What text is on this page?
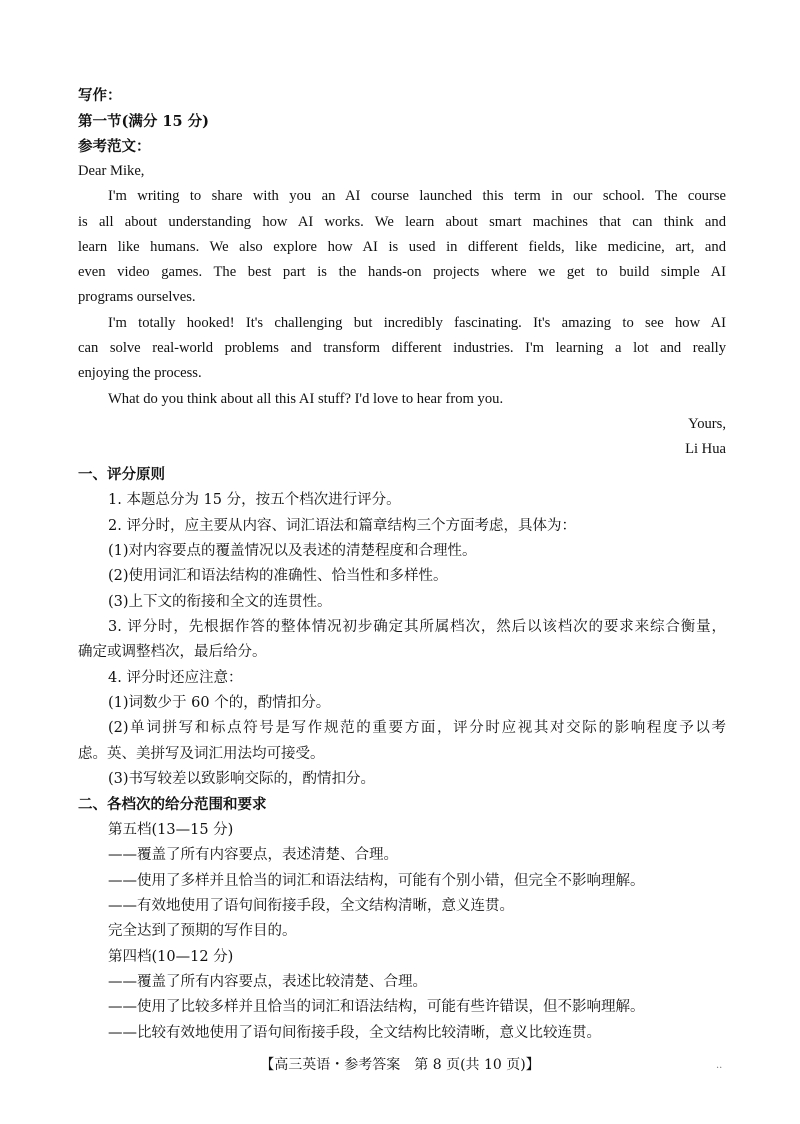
写作：
第一节(满分 15 分)
参考范文：
Dear Mike,
I'm writing to share with you an AI course launched this term in our school. The course
is all about understanding how AI works. We learn about smart machines that can think and
learn like humans. We also explore how AI is used in different fields, like medicine, art, and
even video games. The best part is the hands-on projects where we get to build simple AI
programs ourselves.
I'm totally hooked! It's challenging but incredibly fascinating. It's amazing to see how AI
can solve real-world problems and transform different industries. I'm learning a lot and really
enjoying the process.
What do you think about all this AI stuff? I'd love to hear from you.
Yours,
Li Hua
一、评分原则
1. 本题总分为 15 分，按五个档次进行评分。
2. 评分时，应主要从内容、词汇语法和篇章结构三个方面考虑，具体为：
(1)对内容要点的覆盖情况以及表述的清楚程度和合理性。
(2)使用词汇和语法结构的准确性、恰当性和多样性。
(3)上下文的衔接和全文的连贯性。
3. 评分时，先根据作答的整体情况初步确定其所属档次，然后以该档次的要求来综合衡量，
确定或调整档次，最后给分。
4. 评分时还应注意：
(1)词数少于 60 个的，酌情扣分。
(2)单词拼写和标点符号是写作规范的重要方面，评分时应视其对交际的影响程度予以考
虑。英、美拼写及词汇用法均可接受。
(3)书写较差以致影响交际的，酌情扣分。
二、各档次的给分范围和要求
第五档(13—15 分)
——覆盖了所有内容要点，表述清楚、合理。
——使用了多样并且恰当的词汇和语法结构，可能有个别小错，但完全不影响理解。
——有效地使用了语句间衔接手段，全文结构清晰，意义连贯。
完全达到了预期的写作目的。
第四档(10—12 分)
——覆盖了所有内容要点，表述比较清楚、合理。
——使用了比较多样并且恰当的词汇和语法结构，可能有些许错误，但不影响理解。
——比较有效地使用了语句间衔接手段，全文结构比较清晰，意义比较连贯。
【高三英语・参考答案　第 8 页(共 10 页)】	..
